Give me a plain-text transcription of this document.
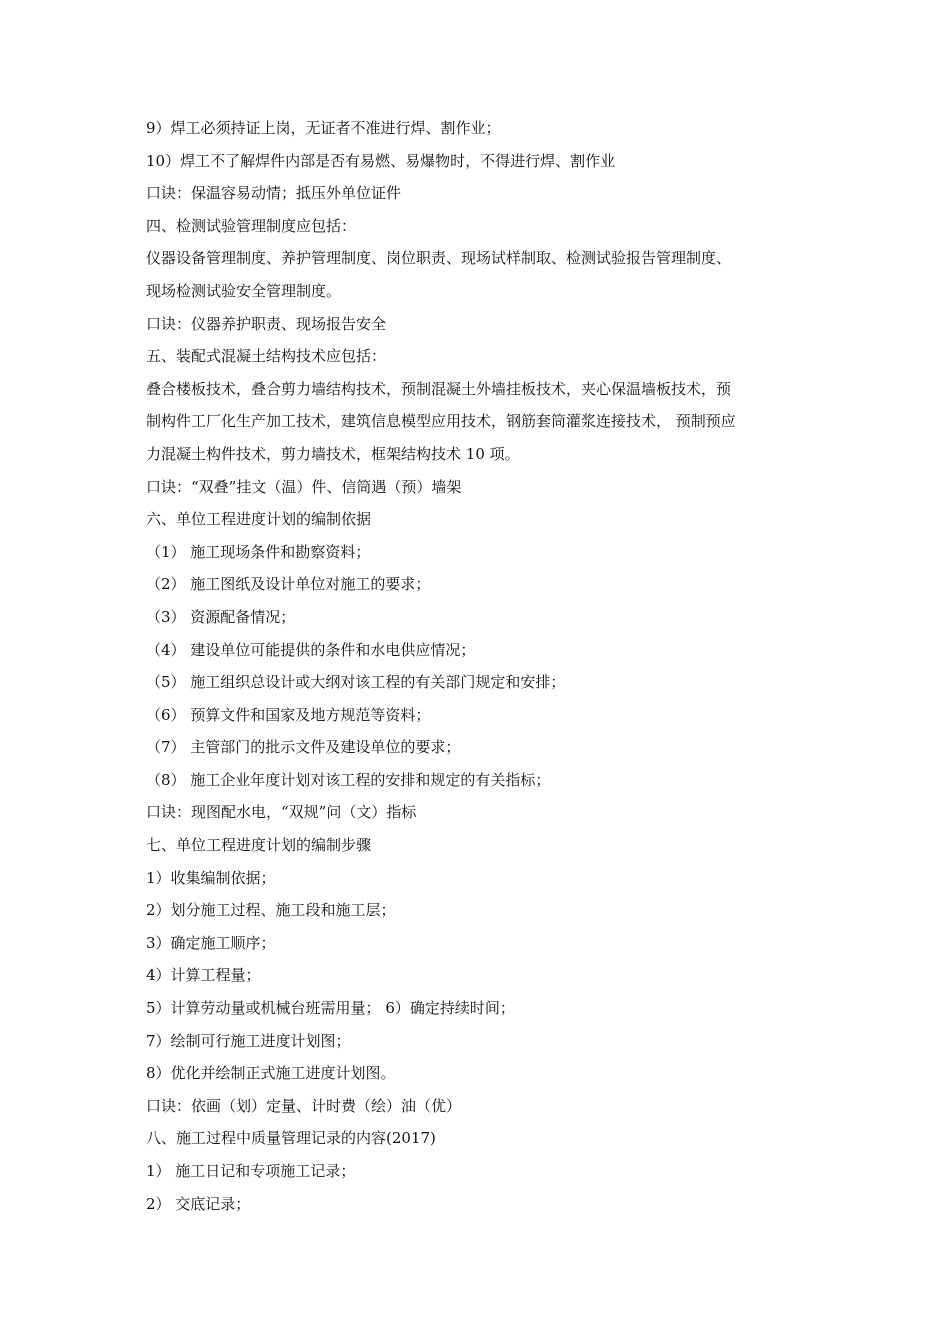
9）焊工必须持证上岗，无证者不准进行焊、割作业；
10）焊工不了解焊件内部是否有易燃、易爆物时，不得进行焊、割作业
口诀：保温容易动情；抵压外单位证件
四、检测试验管理制度应包括：
仪器设备管理制度、养护管理制度、岗位职责、现场试样制取、检测试验报告管理制度、
现场检测试验安全管理制度。
口诀：仪器养护职责、现场报告安全
五、装配式混凝土结构技术应包括：
叠合楼板技术，叠合剪力墙结构技术，预制混凝土外墙挂板技术，夹心保温墙板技术，预
制构件工厂化生产加工技术，建筑信息模型应用技术，钢筋套筒灌浆连接技术， 预制预应
力混凝土构件技术，剪力墙技术，框架结构技术 10 项。
口诀：“双叠”挂文（温）件、信筒遇（预）墙架
六、单位工程进度计划的编制依据
（1） 施工现场条件和勘察资料；
（2） 施工图纸及设计单位对施工的要求；
（3） 资源配备情况；
（4） 建设单位可能提供的条件和水电供应情况；
（5） 施工组织总设计或大纲对该工程的有关部门规定和安排；
（6） 预算文件和国家及地方规范等资料；
（7） 主管部门的批示文件及建设单位的要求；
（8） 施工企业年度计划对该工程的安排和规定的有关指标；
口诀：现图配水电，“双规”问（文）指标
七、单位工程进度计划的编制步骤
1）收集编制依据；
2）划分施工过程、施工段和施工层；
3）确定施工顺序；
4）计算工程量；
5）计算劳动量或机械台班需用量； 6）确定持续时间；
7）绘制可行施工进度计划图；
8）优化并绘制正式施工进度计划图。
口诀：依画（划）定量、计时费（绘）油（优）
八、施工过程中质量管理记录的内容(2017)
1） 施工日记和专项施工记录；
2） 交底记录；
